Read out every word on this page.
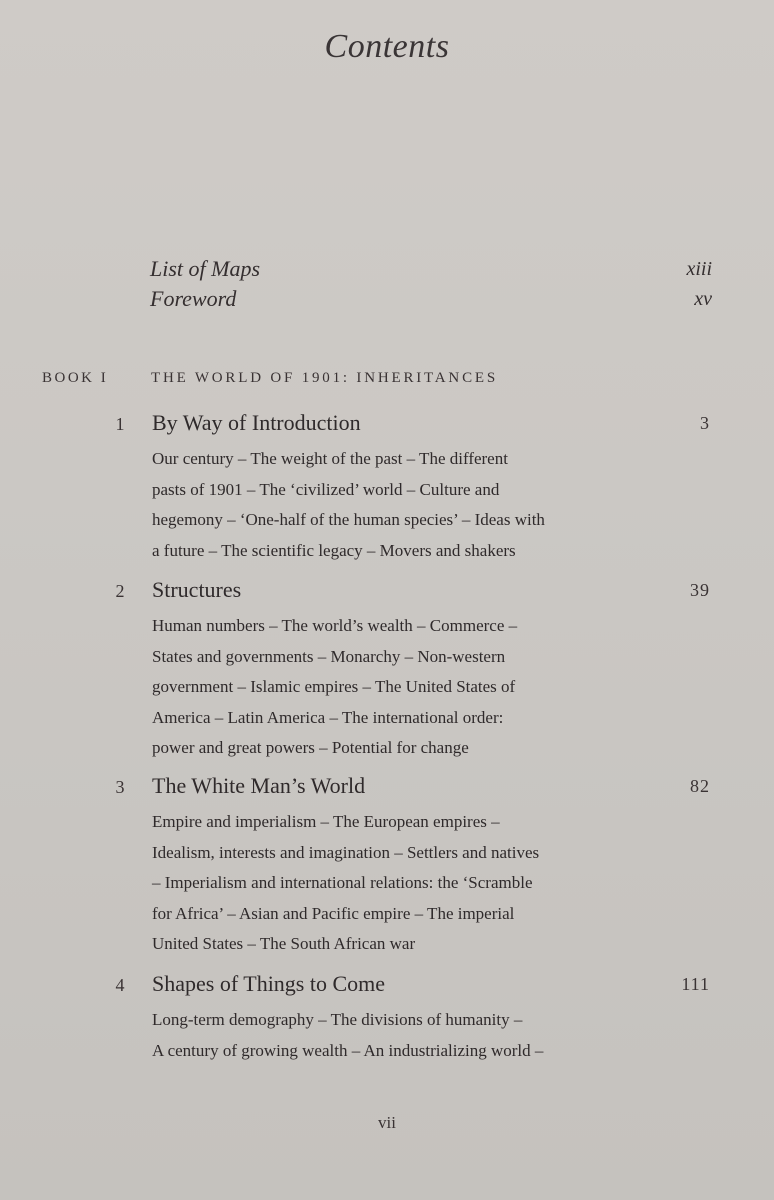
Contents
List of Maps	xiii
Foreword	xv
BOOK I	THE WORLD OF 1901: INHERITANCES
1 By Way of Introduction	3
Our century – The weight of the past – The different
pasts of 1901 – The ‘civilized’ world – Culture and
hegemony – ‘One-half of the human species’ – Ideas with
a future – The scientific legacy – Movers and shakers
2 Structures	39
Human numbers – The world’s wealth – Commerce –
States and governments – Monarchy – Non-western
government – Islamic empires – The United States of
America – Latin America – The international order:
power and great powers – Potential for change
3 The White Man’s World	82
Empire and imperialism – The European empires –
Idealism, interests and imagination – Settlers and natives
– Imperialism and international relations: the ‘Scramble
for Africa’ – Asian and Pacific empire – The imperial
United States – The South African war
4 Shapes of Things to Come	111
Long-term demography – The divisions of humanity –
A century of growing wealth – An industrializing world –
vii
